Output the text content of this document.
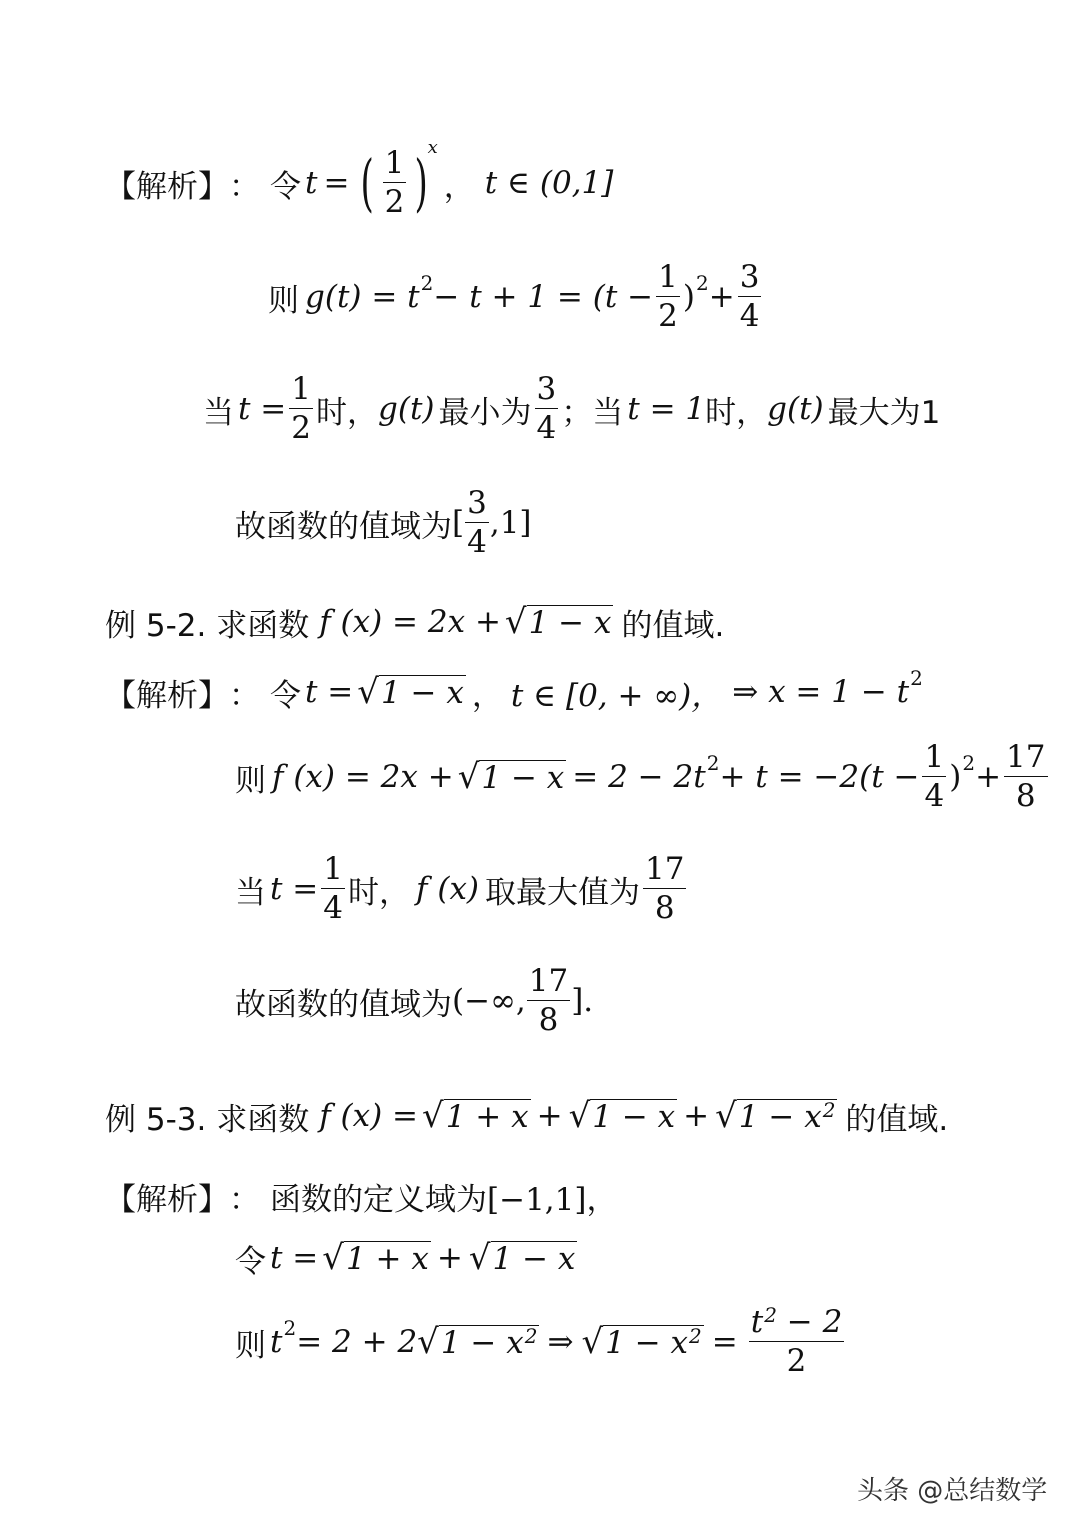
【解析】 ： 令 t = ( $\frac{1}{2}$ ) x
， t ∈ (0,1]
则 g(t) = t $2 - t + 1 = (t - \frac{1}{2}$ ) $2 + \frac{3}{4}$
当 $t = \frac{1}{2}$ 时， g(t) 最小为 $\frac{3}{4}$ ；当 t = 1 时， g(t) 最大为1
故函数的值域为 [ $\frac{3}{4} ,1$]
例 5-2. 求函数 f (x) = 2x + √ 1 − x 的值域.
【解析】 ： 令 t = √ 1 − x ， t ∈ [0, + ∞)， ⇒ x = 1 − t 2
则 f (x) = 2x + √ 1 − x = 2 − 2t $2 + t = -2(t - \frac{1}{4}$ ) $2 + \frac{17}{8}$
当 $t = \frac{1}{4}$ 时， f (x) 取最大值为 $\frac{17}{8}$
故函数的值域为 (−∞, $\frac{17}{8}$ ].
例 5-3. 求函数 f (x) = √ 1 + x + √ 1 − x + √ $1 - x^2$ 的值域.
【解析】 ： 函数的定义域为 [−1,1]，
令 t = √ 1 + x + √ 1 − x
则 t 2 = 2 + 2 √ $1 - x^2$ ⇒ √ $1 - x^2 = \frac{t^2 - 2}{2}$
头条 @总结数学
